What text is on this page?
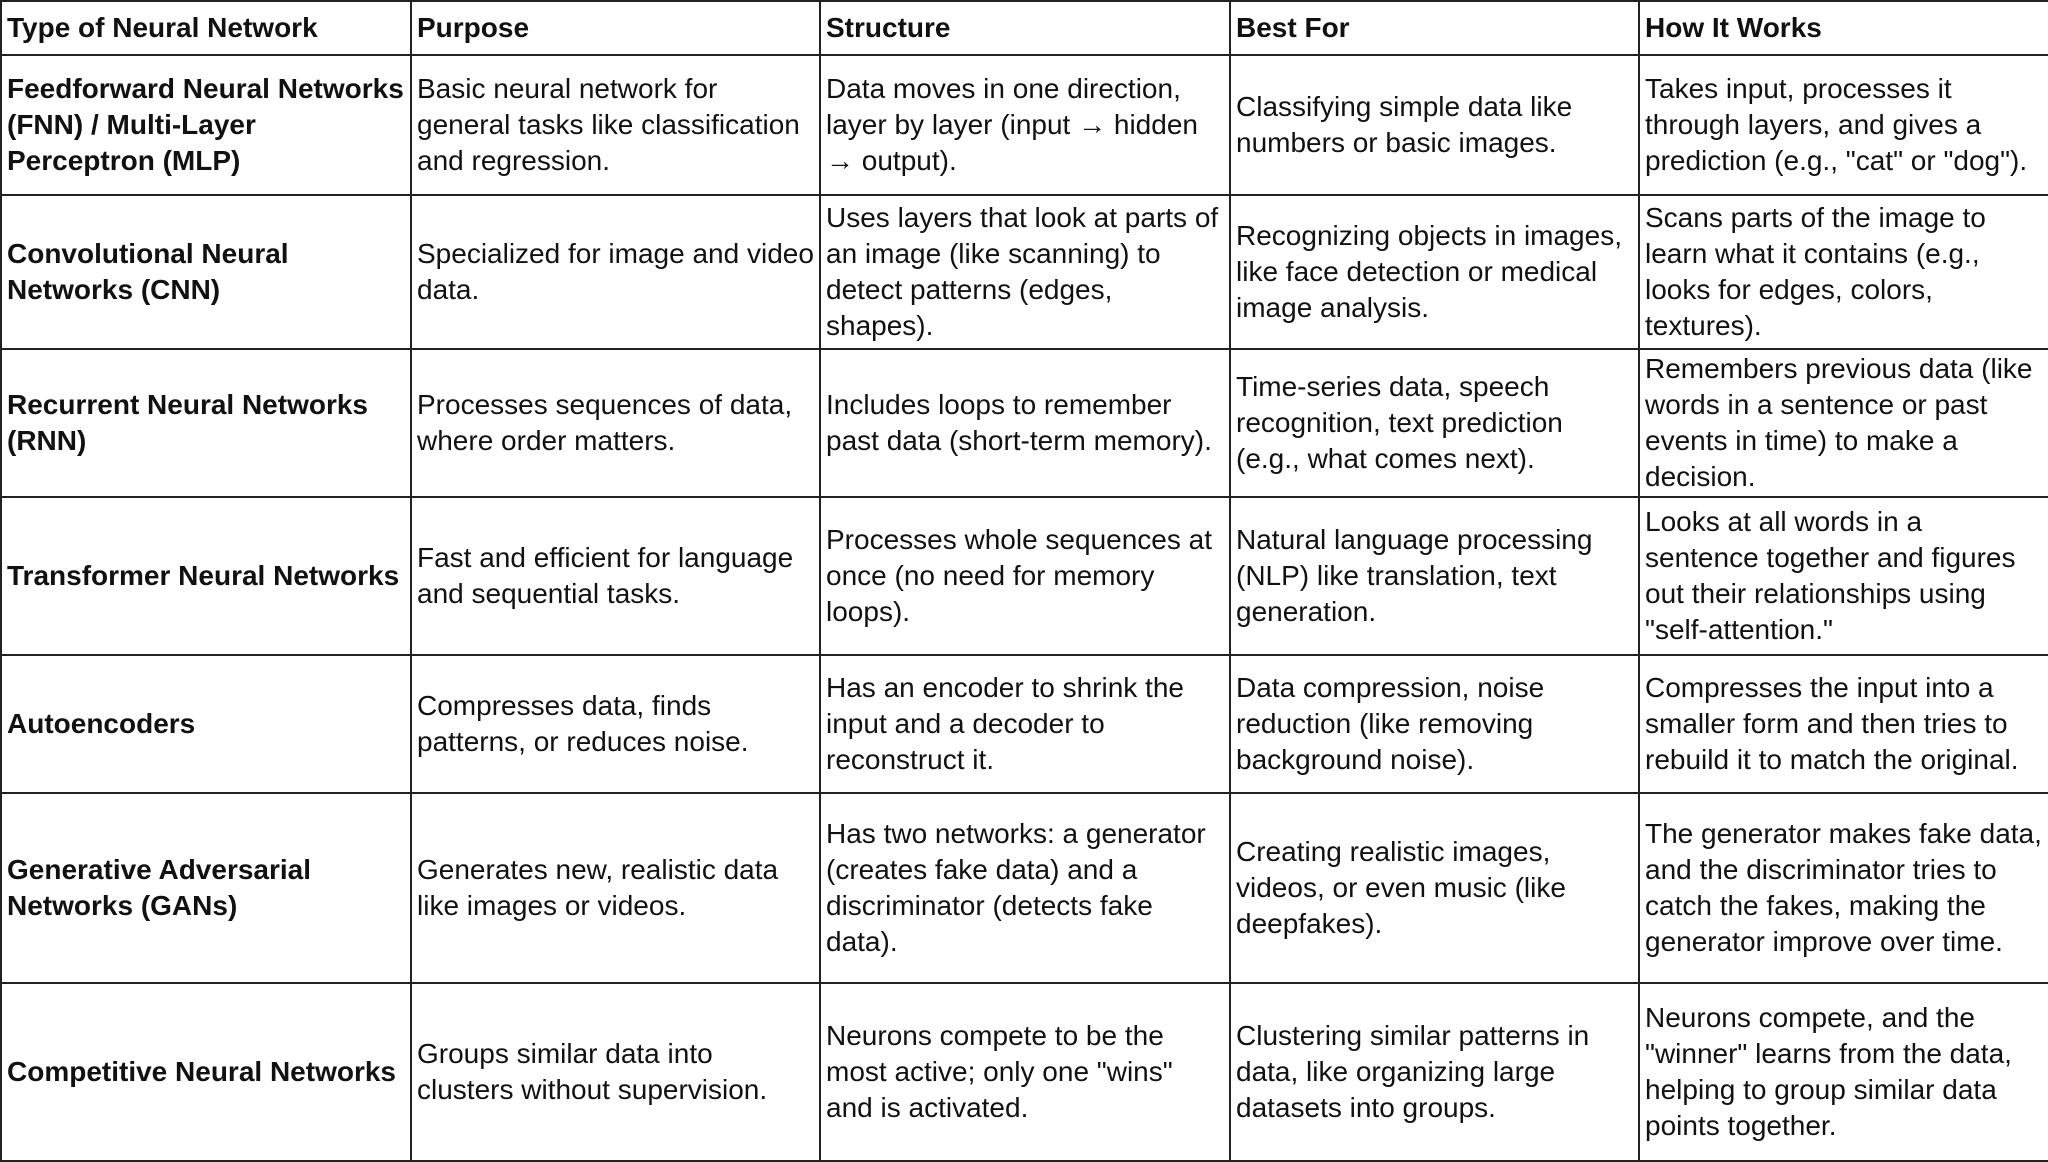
Type of Neural Network	Purpose	Structure	Best For	How It Works
Feedforward Neural Networks (FNN) / Multi-Layer Perceptron (MLP)	Basic neural network for general tasks like classification and regression.	Data moves in one direction, layer by layer (input → hidden → output).	Classifying simple data like numbers or basic images.	Takes input, processes it through layers, and gives a prediction (e.g., "cat" or "dog").
Convolutional Neural Networks (CNN)	Specialized for image and video data.	Uses layers that look at parts of an image (like scanning) to detect patterns (edges, shapes).	Recognizing objects in images, like face detection or medical image analysis.	Scans parts of the image to learn what it contains (e.g., looks for edges, colors, textures).
Recurrent Neural Networks (RNN)	Processes sequences of data, where order matters.	Includes loops to remember past data (short-term memory).	Time-series data, speech recognition, text prediction (e.g., what comes next).	Remembers previous data (like words in a sentence or past events in time) to make a decision.
Transformer Neural Networks	Fast and efficient for language and sequential tasks.	Processes whole sequences at once (no need for memory loops).	Natural language processing (NLP) like translation, text generation.	Looks at all words in a sentence together and figures out their relationships using "self-attention."
Autoencoders	Compresses data, finds patterns, or reduces noise.	Has an encoder to shrink the input and a decoder to reconstruct it.	Data compression, noise reduction (like removing background noise).	Compresses the input into a smaller form and then tries to rebuild it to match the original.
Generative Adversarial Networks (GANs)	Generates new, realistic data like images or videos.	Has two networks: a generator (creates fake data) and a discriminator (detects fake data).	Creating realistic images, videos, or even music (like deepfakes).	The generator makes fake data, and the discriminator tries to catch the fakes, making the generator improve over time.
Competitive Neural Networks	Groups similar data into clusters without supervision.	Neurons compete to be the most active; only one "wins" and is activated.	Clustering similar patterns in data, like organizing large datasets into groups.	Neurons compete, and the "winner" learns from the data, helping to group similar data points together.
